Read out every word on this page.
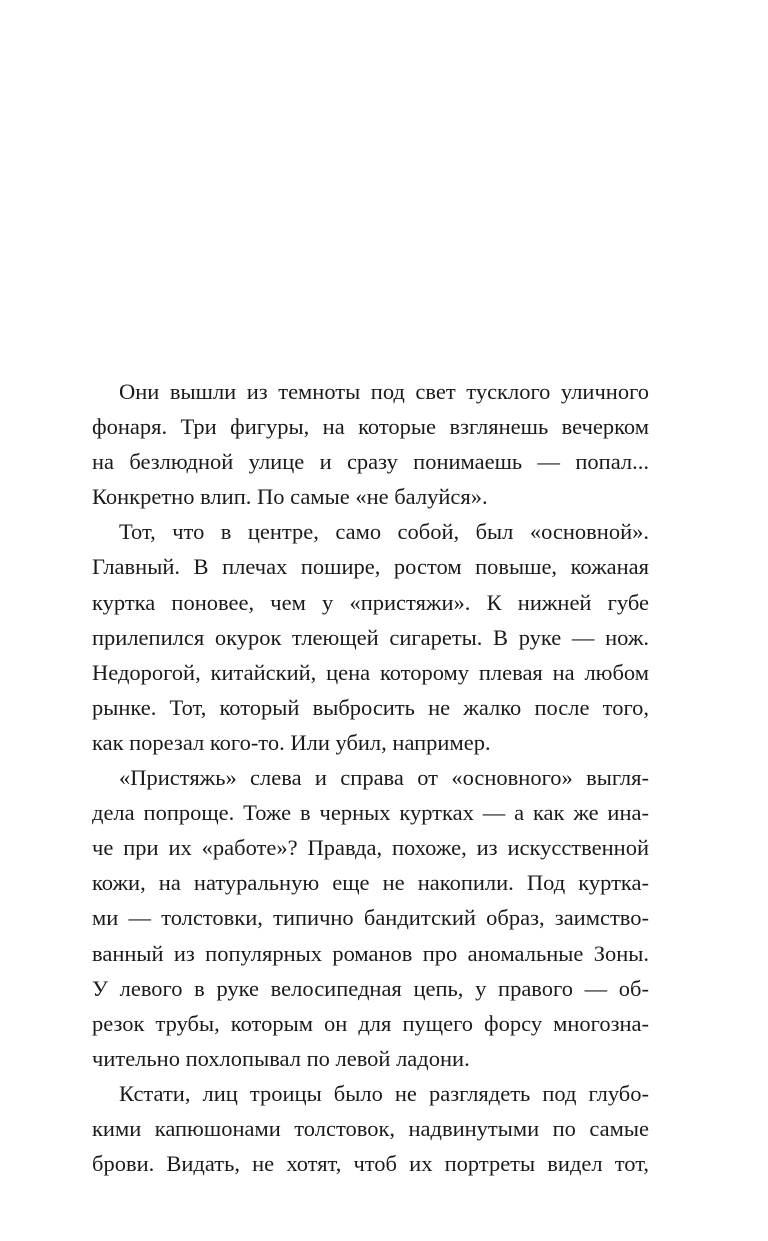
Они вышли из темноты под свет тусклого уличного
фонаря. Три фигуры, на которые взглянешь вечерком
на безлюдной улице и сразу понимаешь — попал...
Конкретно влип. По самые «не балуйся».
Тот, что в центре, само собой, был «основной».
Главный. В плечах пошире, ростом повыше, кожаная
куртка поновее, чем у «пристяжи». К нижней губе
прилепился окурок тлеющей сигареты. В руке — нож.
Недорогой, китайский, цена которому плевая на любом
рынке. Тот, который выбросить не жалко после того,
как порезал кого-то. Или убил, например.
«Пристяжь» слева и справа от «основного» выгля-
дела попроще. Тоже в черных куртках — а как же ина-
че при их «работе»? Правда, похоже, из искусственной
кожи, на натуральную еще не накопили. Под куртка-
ми — толстовки, типично бандитский образ, заимство-
ванный из популярных романов про аномальные Зоны.
У левого в руке велосипедная цепь, у правого — об-
резок трубы, которым он для пущего форсу многозна-
чительно похлопывал по левой ладони.
Кстати, лиц троицы было не разглядеть под глубо-
кими капюшонами толстовок, надвинутыми по самые
брови. Видать, не хотят, чтоб их портреты видел тот,
